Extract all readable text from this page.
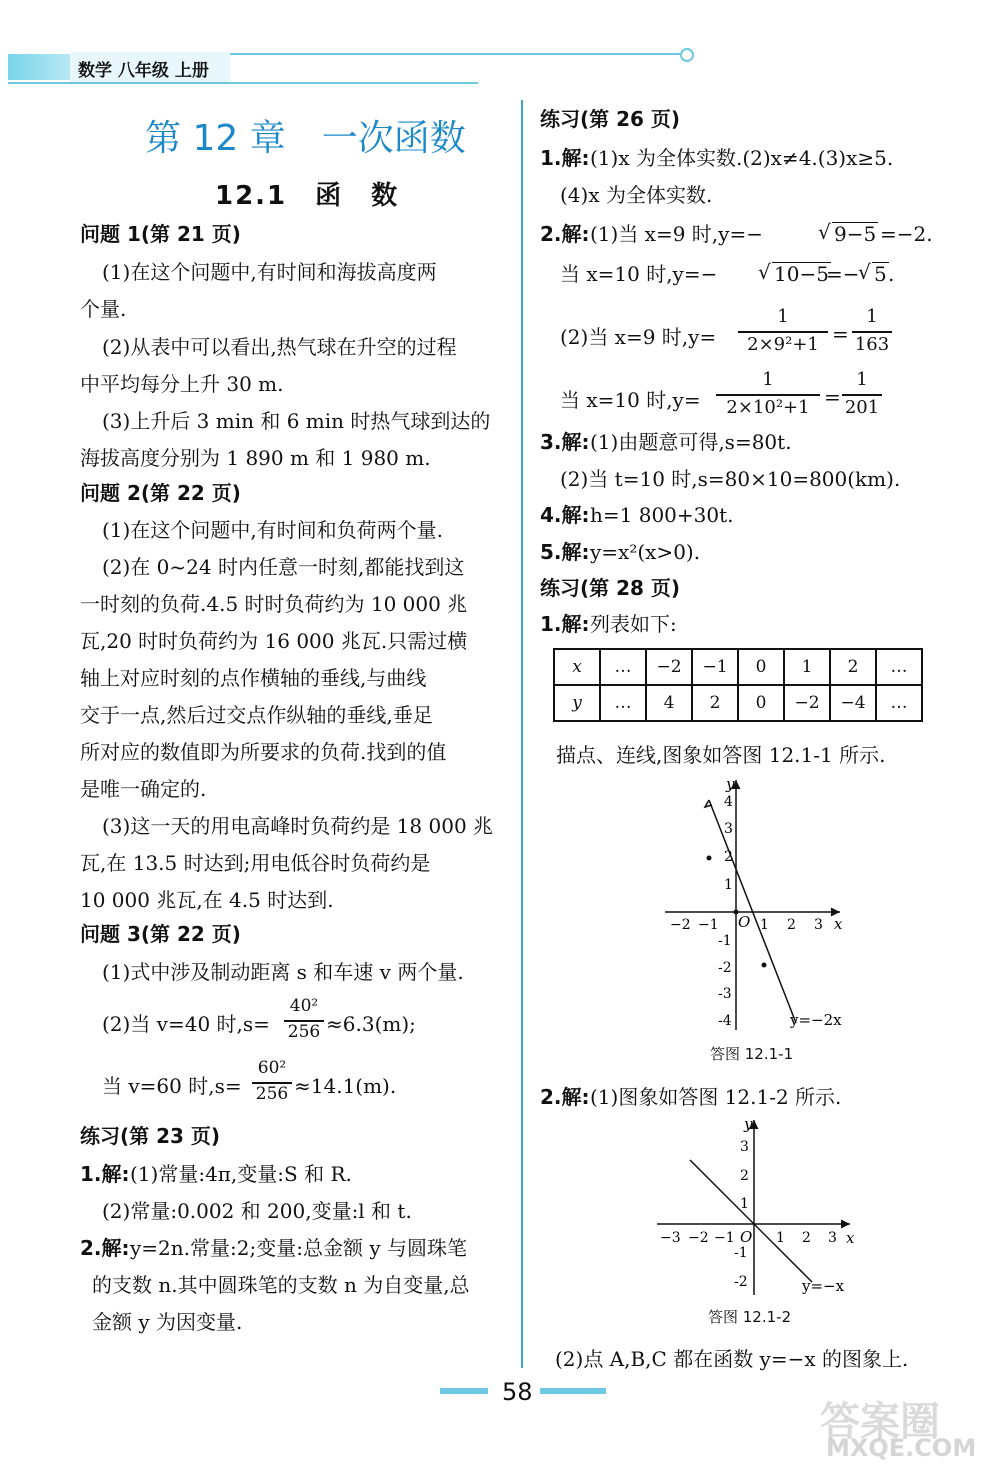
数学 八年级 上册
第 12 章　一次函数
12.1　函　数
问题 1(第 21 页)
(1)在这个问题中,有时间和海拔高度两
个量.
(2)从表中可以看出,热气球在升空的过程
中平均每分上升 30 m.
(3)上升后 3 min 和 6 min 时热气球到达的
海拔高度分别为 1 890 m 和 1 980 m.
问题 2(第 22 页)
(1)在这个问题中,有时间和负荷两个量.
(2)在 0~24 时内任意一时刻,都能找到这
一时刻的负荷.4.5 时时负荷约为 10 000 兆
瓦,20 时时负荷约为 16 000 兆瓦.只需过横
轴上对应时刻的点作横轴的垂线,与曲线
交于一点,然后过交点作纵轴的垂线,垂足
所对应的数值即为所要求的负荷.找到的值
是唯一确定的.
(3)这一天的用电高峰时负荷约是 18 000 兆
瓦,在 13.5 时达到;用电低谷时负荷约是
10 000 兆瓦,在 4.5 时达到.
问题 3(第 22 页)
(1)式中涉及制动距离 s 和车速 v 两个量.
(2)当 v=40 时,s=
40²
256 ≈6.3(m);
当 v=60 时,s=
60²
256 ≈14.1(m).
练习(第 23 页)
1.解: (1)常量:4π,变量:S 和 R.
(2)常量:0.002 和 200,变量:l 和 t.
2.解: y=2n.常量:2;变量:总金额 y 与圆珠笔
的支数 n.其中圆珠笔的支数 n 为自变量,总
金额 y 为因变量.
练习(第 26 页)
1.解: (1)x 为全体实数.(2)x≠4.(3)x≥5.
(4)x 为全体实数.
2.解: (1)当 x=9 时,y=−	9−5
√ =−2.
当 x=10 时,y=− √ 10−5
=−
√ 5 .
(2)当 x=9 时,y=
1
2×9²+1 =
1
163
当 x=10 时,y=
1
2×10²+1 =
1
201
3.解: (1)由题意可得,s=80t.
(2)当 t=10 时,s=80×10=800(km).
4.解: h=1 800+30t.
5.解: y=x²(x>0).
练习(第 28 页)
1.解: 列表如下:
x	…	−2	−1	0	1	2	…
y	…	4	2	0	−2	−4	…
描点、连线,图象如答图 12.1-1 所示.
y
x
O
y=−2x
4
3
2
1
-1
-2
-3
-4
−2 −1	1 2 3
答图 12.1-1
2.解: (1)图象如答图 12.1-2 所示.
y
x
O
y=−x
3
2
1
-1
-2
−3 −2 −1	1 2 3
答图 12.1-2
(2)点 A,B,C 都在函数 y=−x 的图象上.
58
答案圈
MXQE.COM
